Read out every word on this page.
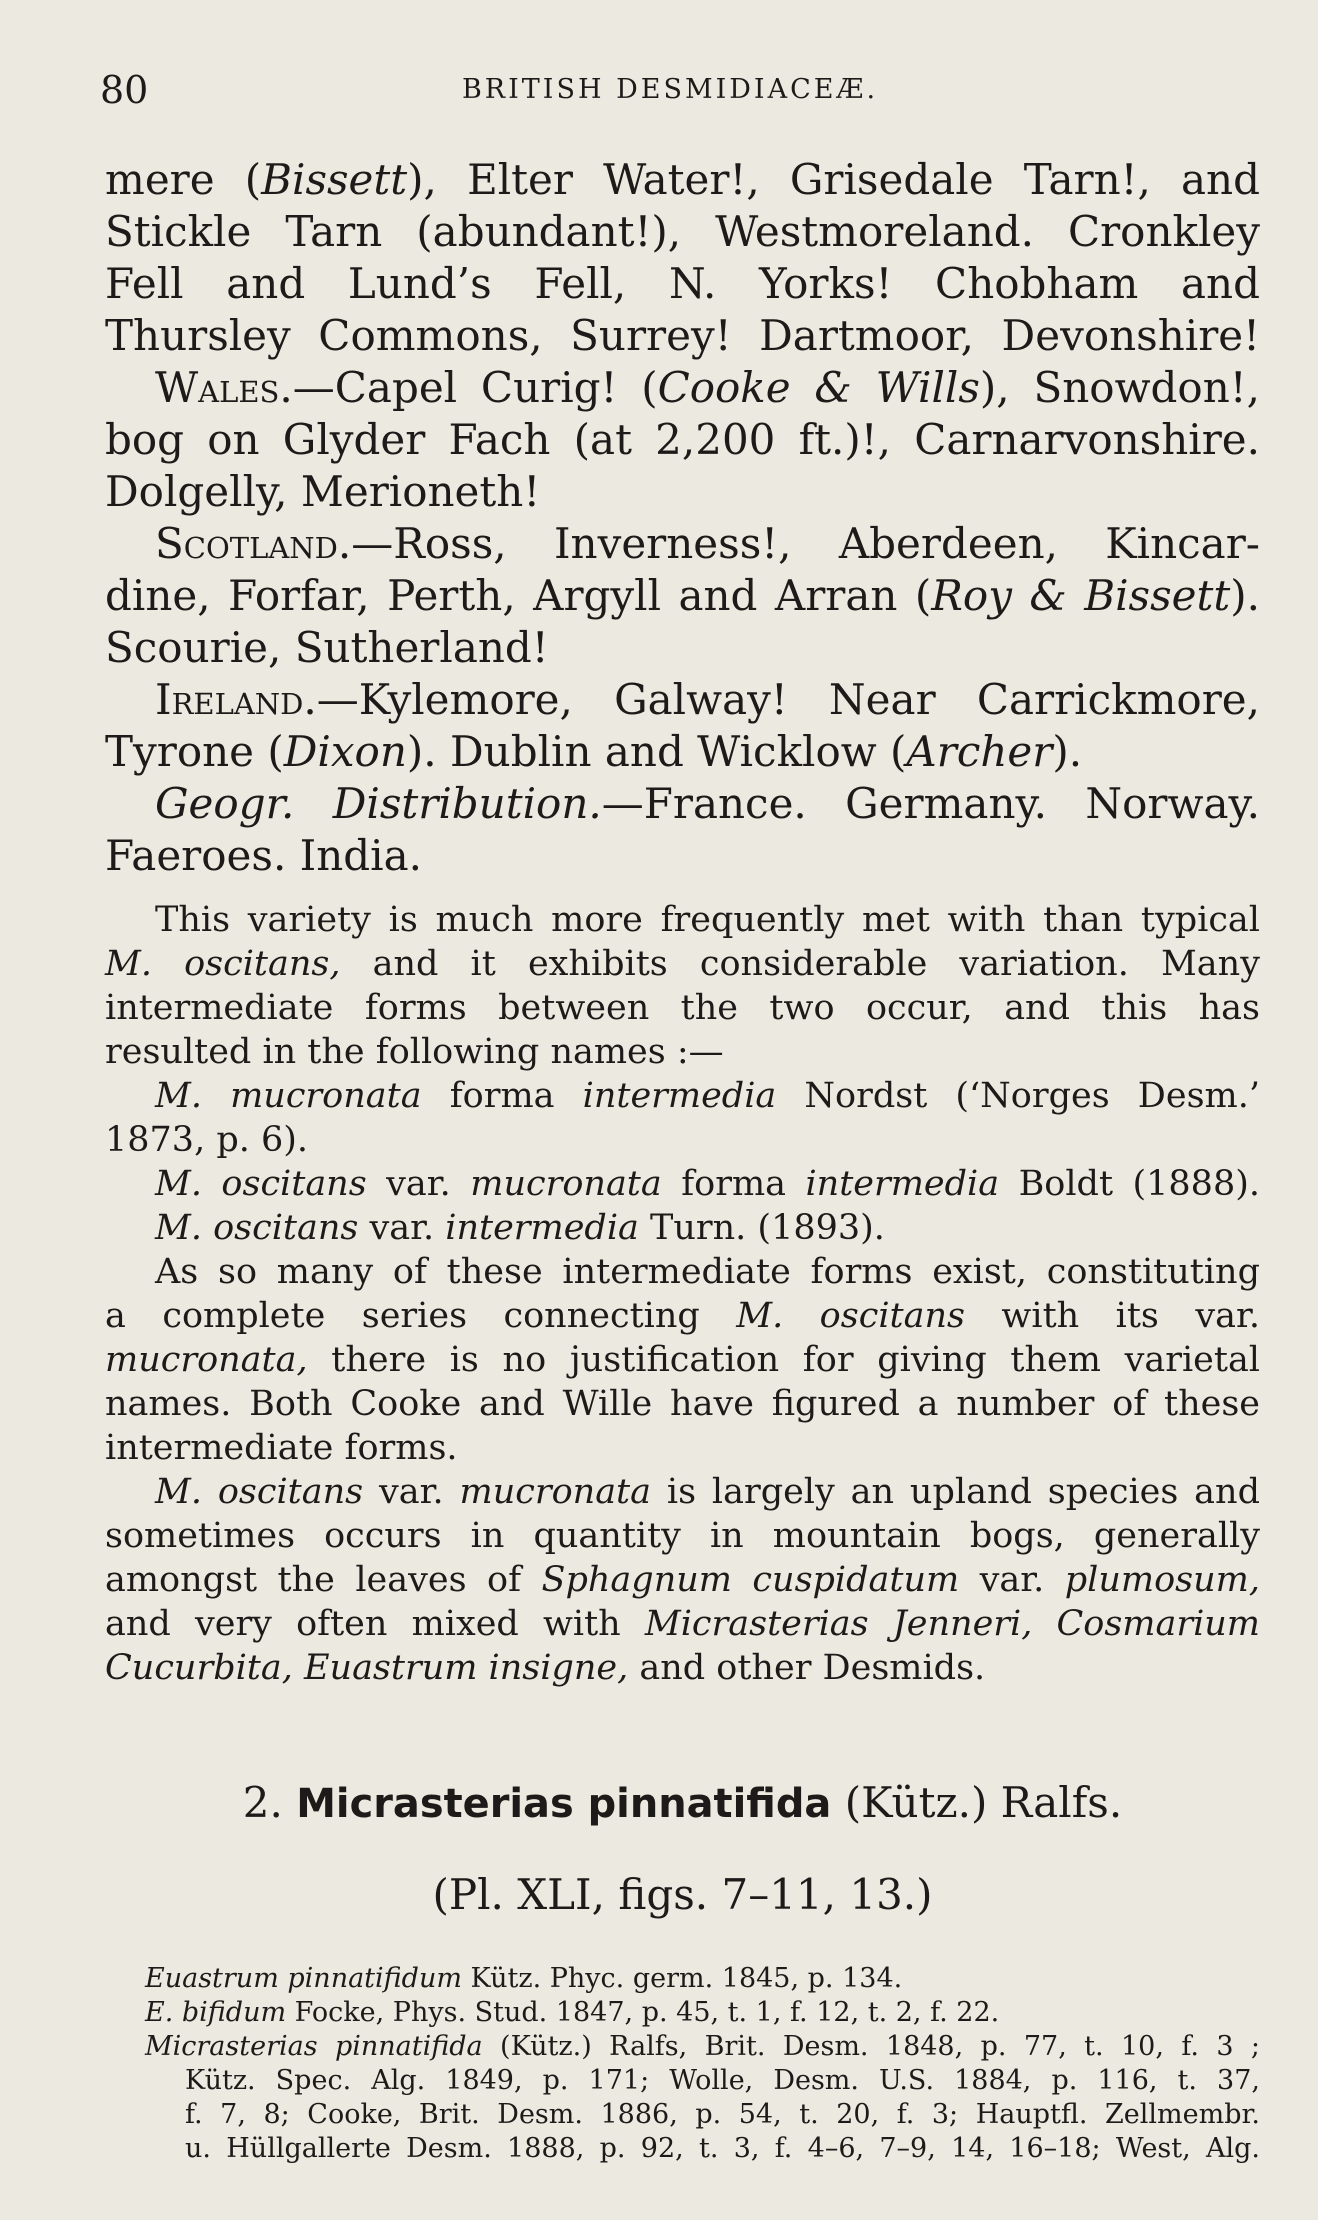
80	BRITISH DESMIDIACEÆ.
mere (Bissett), Elter Water!, Grisedale Tarn!, and
Stickle Tarn (abundant!), Westmoreland. Cronkley
Fell and Lund’s Fell, N. Yorks! Chobham and
Thursley Commons, Surrey! Dartmoor, Devonshire!
Wales.—Capel Curig! (Cooke & Wills), Snowdon!,
bog on Glyder Fach (at 2,200 ft.)!, Carnarvonshire.
Dolgelly, Merioneth!
Scotland.—Ross, Inverness!, Aberdeen, Kincar-
dine, Forfar, Perth, Argyll and Arran (Roy & Bissett).
Scourie, Sutherland!
Ireland.—Kylemore, Galway! Near Carrickmore,
Tyrone (Dixon). Dublin and Wicklow (Archer).
Geogr. Distribution.—France. Germany. Norway.
Faeroes. India.
This variety is much more frequently met with than typical
M. oscitans, and it exhibits considerable variation. Many
intermediate forms between the two occur, and this has
resulted in the following names :—
M. mucronata forma intermedia Nordst (‘Norges Desm.’
1873, p. 6).
M. oscitans var. mucronata forma intermedia Boldt (1888).
M. oscitans var. intermedia Turn. (1893).
As so many of these intermediate forms exist, constituting
a complete series connecting M. oscitans with its var.
mucronata, there is no justification for giving them varietal
names. Both Cooke and Wille have figured a number of these
intermediate forms.
M. oscitans var. mucronata is largely an upland species and
sometimes occurs in quantity in mountain bogs, generally
amongst the leaves of Sphagnum cuspidatum var. plumosum,
and very often mixed with Micrasterias Jenneri, Cosmarium
Cucurbita, Euastrum insigne, and other Desmids.
2. Micrasterias pinnatifida (Kütz.) Ralfs.
(Pl. XLI, figs. 7–11, 13.)
Euastrum pinnatifidum Kütz. Phyc. germ. 1845, p. 134.
E. bifidum Focke, Phys. Stud. 1847, p. 45, t. 1, f. 12, t. 2, f. 22.
Micrasterias pinnatifida (Kütz.) Ralfs, Brit. Desm. 1848, p. 77, t. 10, f. 3 ;
Kütz. Spec. Alg. 1849, p. 171; Wolle, Desm. U.S. 1884, p. 116, t. 37,
f. 7, 8; Cooke, Brit. Desm. 1886, p. 54, t. 20, f. 3; Hauptfl. Zellmembr.
u. Hüllgallerte Desm. 1888, p. 92, t. 3, f. 4–6, 7–9, 14, 16–18; West, Alg.
